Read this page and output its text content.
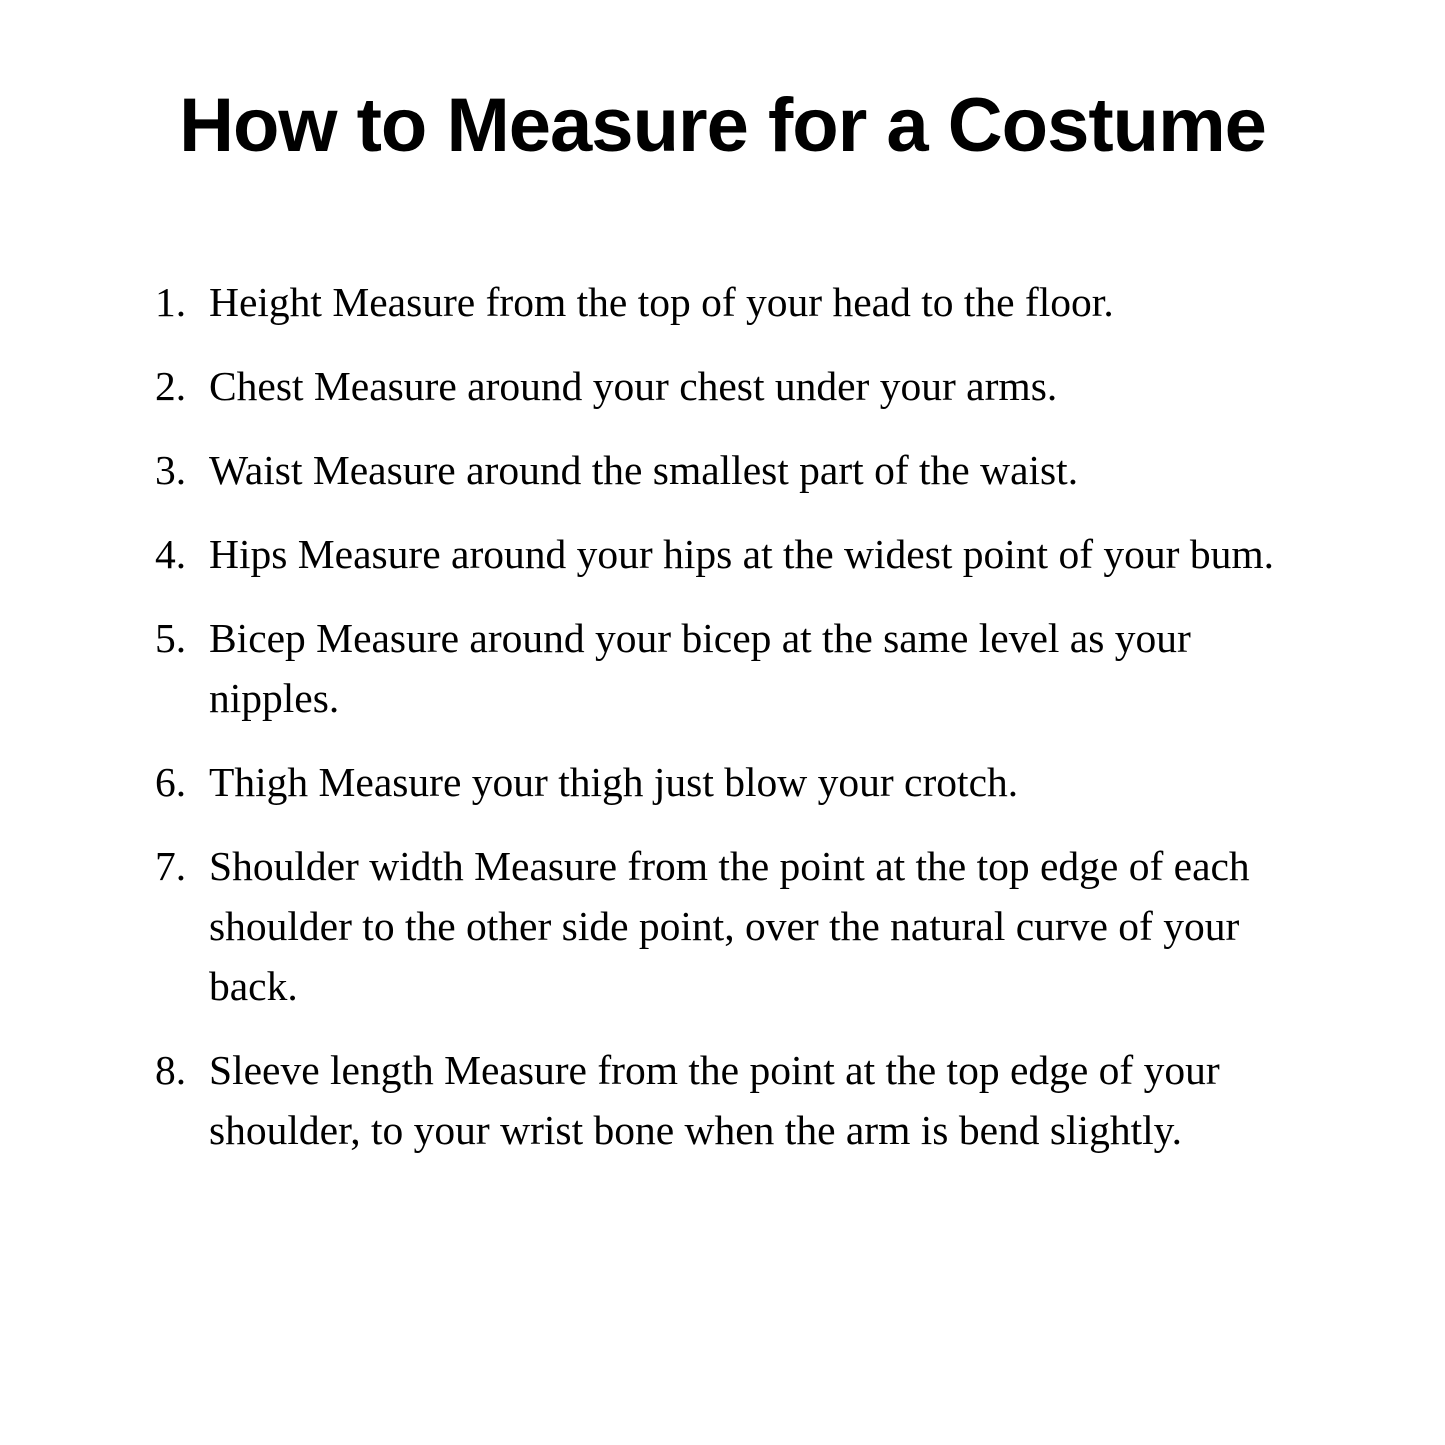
How to Measure for a Costume
1. Height Measure from the top of your head to the floor.
2. Chest Measure around your chest under your arms.
3. Waist Measure around the smallest part of the waist.
4. Hips Measure around your hips at the widest point of your bum.
5. Bicep Measure around your bicep at the same level as your nipples.
6. Thigh Measure your thigh just blow your crotch.
7. Shoulder width Measure from the point at the top edge of each shoulder to the other side point, over the natural curve of your back.
8. Sleeve length Measure from the point at the top edge of your shoulder, to your wrist bone when the arm is bend slightly.
